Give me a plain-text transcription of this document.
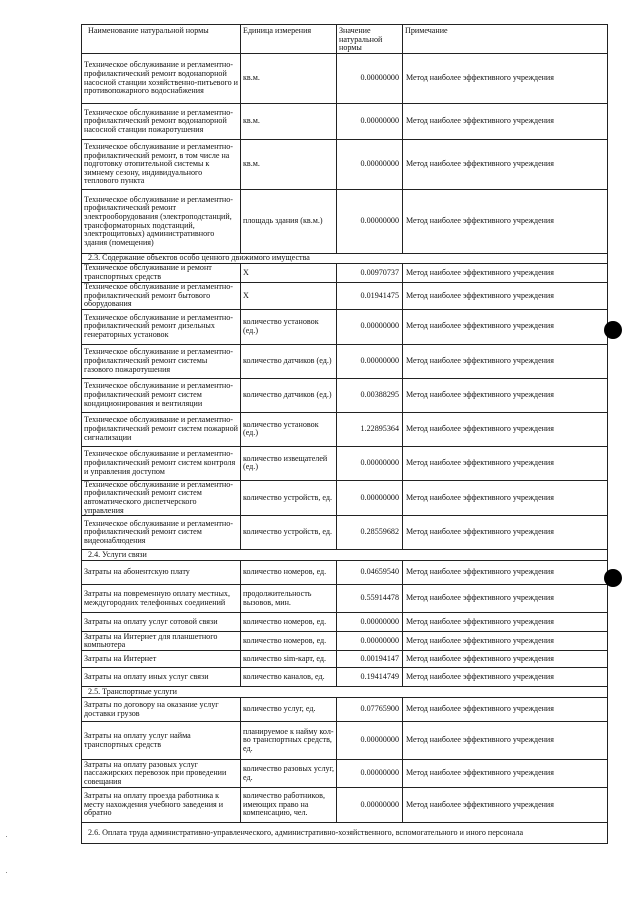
Наименование натуральной нормы	Единица измерения	Значение натуральной нормы	Примечание
Техническое обслуживание и регламентно-профилактический ремонт водонапорной насосной станции хозяйственно-питьевого и противопожарного водоснабжения	кв.м.	0.00000000	Метод наиболее эффективного учреждения
Техническое обслуживание и регламентно-профилактический ремонт водонапорной насосной станции пожаротушения	кв.м.	0.00000000	Метод наиболее эффективного учреждения
Техническое обслуживание и регламентно-профилактический ремонт, в том числе на подготовку отопительной системы к зимнему сезону, индивидуального теплового пункта	кв.м.	0.00000000	Метод наиболее эффективного учреждения
Техническое обслуживание и регламентно-профилактический ремонт электрооборудования (электроподстанций, трансформаторных подстанций, электрощитовых) административного здания (помещения)	площадь здания (кв.м.)	0.00000000	Метод наиболее эффективного учреждения
2.3. Содержание объектов особо ценного движимого имущества			
Техническое обслуживание и ремонт транспортных средств	X	0.00970737	Метод наиболее эффективного учреждения
Техническое обслуживание и регламентно-профилактический ремонт бытового оборудования	X	0.01941475	Метод наиболее эффективного учреждения
Техническое обслуживание и регламентно-профилактический ремонт дизельных генераторных установок	количество установок (ед.)	0.00000000	Метод наиболее эффективного учреждения
Техническое обслуживание и регламентно-профилактический ремонт системы газового пожаротушения	количество датчиков (ед.)	0.00000000	Метод наиболее эффективного учреждения
Техническое обслуживание и регламентно-профилактический ремонт систем кондиционирования и вентиляции	количество датчиков (ед.)	0.00388295	Метод наиболее эффективного учреждения
Техническое обслуживание и регламентно-профилактический ремонт систем пожарной сигнализации	количество установок (ед.)	1.22895364	Метод наиболее эффективного учреждения
Техническое обслуживание и регламентно-профилактический ремонт систем контроля и управления доступом	количество извещателей (ед.)	0.00000000	Метод наиболее эффективного учреждения
Техническое обслуживание и регламентно-профилактический ремонт систем автоматического диспетчерского управления	количество устройств, ед.	0.00000000	Метод наиболее эффективного учреждения
Техническое обслуживание и регламентно-профилактический ремонт систем видеонаблюдения	количество устройств, ед.	0.28559682	Метод наиболее эффективного учреждения
2.4. Услуги связи			
Затраты на абонентскую плату	количество номеров, ед.	0.04659540	Метод наиболее эффективного учреждения
Затраты на повременную оплату местных, междугородних телефонных соединений	продолжительность вызовов, мин.	0.55914478	Метод наиболее эффективного учреждения
Затраты на оплату услуг сотовой связи	количество номеров, ед.	0.00000000	Метод наиболее эффективного учреждения
Затраты на Интернет для планшетного компьютера	количество номеров, ед.	0.00000000	Метод наиболее эффективного учреждения
Затраты на Интернет	количество sim-карт, ед.	0.00194147	Метод наиболее эффективного учреждения
Затраты на оплату иных услуг связи	количество каналов, ед.	0.19414749	Метод наиболее эффективного учреждения
2.5. Транспортные услуги			
Затраты по договору на оказание услуг доставки грузов	количество услуг, ед.	0.07765900	Метод наиболее эффективного учреждения
Затраты на оплату услуг найма транспортных средств	планируемое к найму кол-во транспортных средств, ед.	0.00000000	Метод наиболее эффективного учреждения
Затраты на оплату разовых услуг пассажирских перевозок при проведении совещания	количество разовых услуг, ед.	0.00000000	Метод наиболее эффективного учреждения
Затраты на оплату проезда работника к месту нахождения учебного заведения и обратно	количество работников, имеющих право на компенсацию, чел.	0.00000000	Метод наиболее эффективного учреждения
2.6. Оплата труда административно-управленческого, административно-хозяйственного, вспомогательного и иного персонала			
